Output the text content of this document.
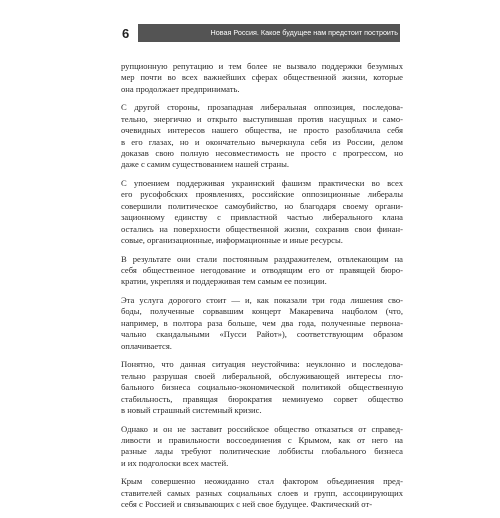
6	Новая Россия. Какое будущее нам предстоит построить
рупционную репутацию и тем более не вызвало поддержки безумных
мер почти во всех важнейших сферах общественной жизни, которые
она продолжает предпринимать.
С другой стороны, прозападная либеральная оппозиция, последова-
тельно, энергично и открыто выступившая против насущных и само-
очевидных интересов нашего общества, не просто разоблачила себя
в его глазах, но и окончательно вычеркнула себя из России, делом
доказав свою полную несовместимость не просто с прогрессом, но
даже с самим существованием нашей страны.
С упоением поддерживая украинский фашизм практически во всех
его русофобских проявлениях, российские оппозиционные либералы
совершили политическое самоубийство, но благодаря своему органи-
зационному единству с привластной частью либерального клана
остались на поверхности общественной жизни, сохранив свои финан-
совые, организационные, информационные и иные ресурсы.
В результате они стали постоянным раздражителем, отвлекающим на
себя общественное негодование и отводящим его от правящей бюро-
кратии, укрепляя и поддерживая тем самым ее позиции.
Эта услуга дорогого стоит — и, как показали три года лишения сво-
боды, полученные сорвавшим концерт Макаревича нацболом (что,
например, в полтора раза больше, чем два года, полученные первона-
чально скандальными «Пусси Райот»), соответствующим образом
оплачивается.
Понятно, что данная ситуация неустойчива: неуклонно и последова-
тельно разрушая своей либеральной, обслуживающей интересы гло-
бального бизнеса социально-экономической политикой общественную
стабильность, правящая бюрократия неминуемо сорвет общество
в новый страшный системный кризис.
Однако и он не заставит российское общество отказаться от справед-
ливости и правильности воссоединения с Крымом, как от него на
разные лады требуют политические лоббисты глобального бизнеса
и их подголоски всех мастей.
Крым совершенно неожиданно стал фактором объединения пред-
ставителей самых разных социальных слоев и групп, ассоциирующих
себя с Россией и связывающих с ней свое будущее. Фактический от-
